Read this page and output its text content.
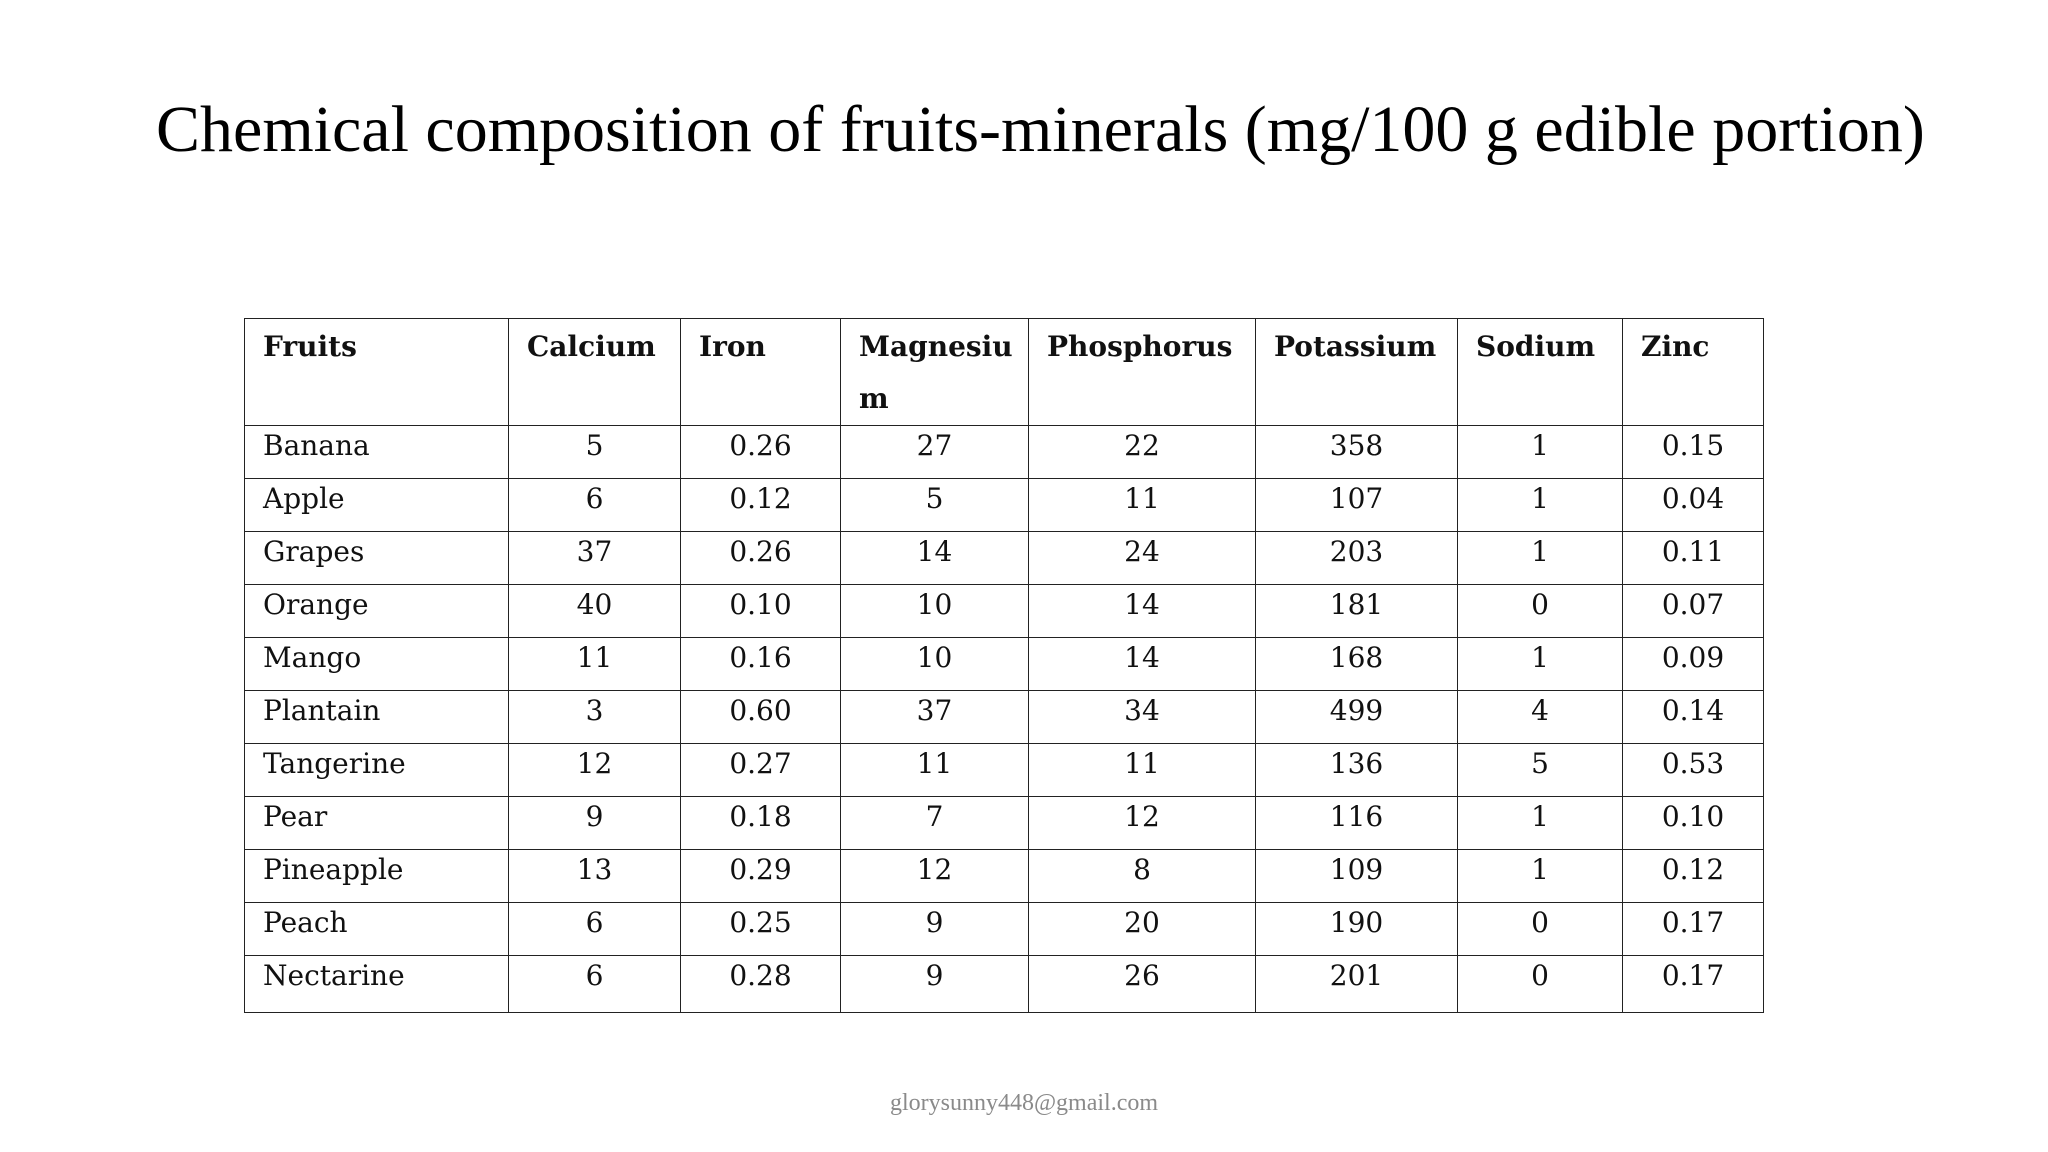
Chemical composition of fruits-minerals (mg/100 g edible portion)
Fruits	Calcium	Iron	Magnesium	Phosphorus	Potassium	Sodium	Zinc
Banana	5	0.26	27	22	358	1	0.15
Apple	6	0.12	5	11	107	1	0.04
Grapes	37	0.26	14	24	203	1	0.11
Orange	40	0.10	10	14	181	0	0.07
Mango	11	0.16	10	14	168	1	0.09
Plantain	3	0.60	37	34	499	4	0.14
Tangerine	12	0.27	11	11	136	5	0.53
Pear	9	0.18	7	12	116	1	0.10
Pineapple	13	0.29	12	8	109	1	0.12
Peach	6	0.25	9	20	190	0	0.17
Nectarine	6	0.28	9	26	201	0	0.17
glorysunny448@gmail.com
